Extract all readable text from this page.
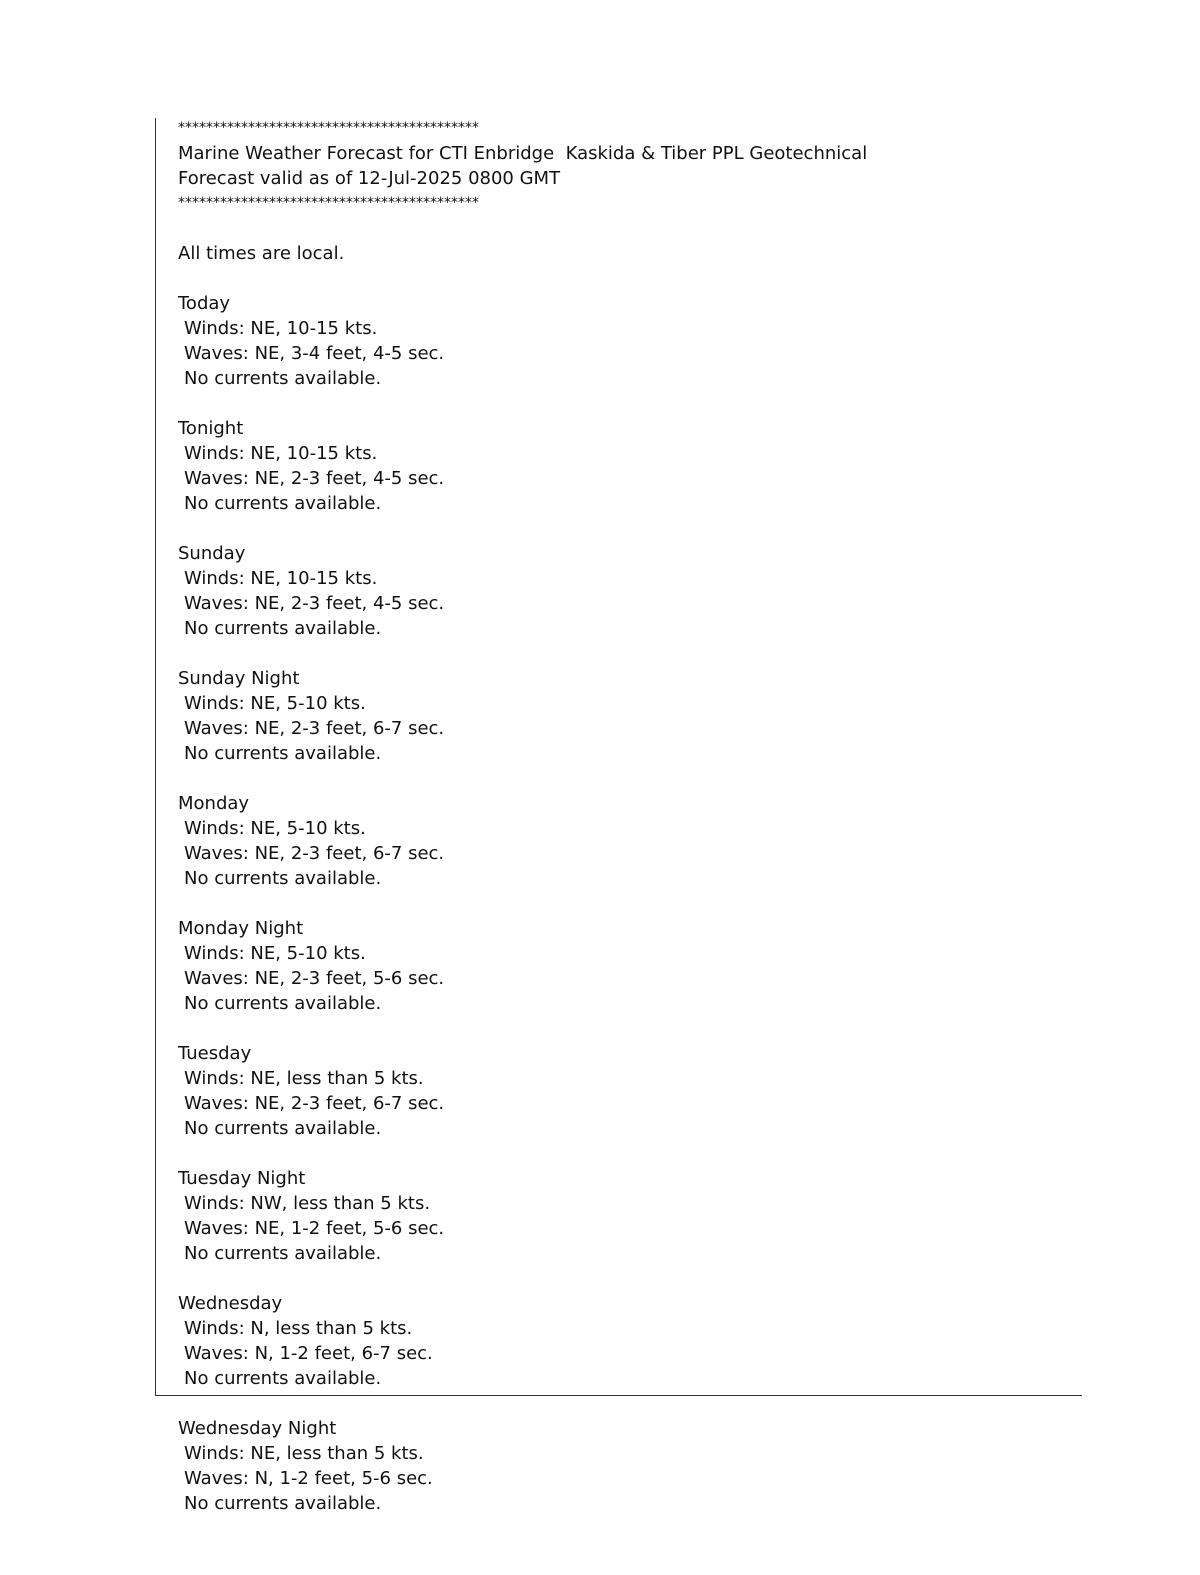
*******************************************
Marine Weather Forecast for CTI Enbridge  Kaskida & Tiber PPL Geotechnical
Forecast valid as of 12-Jul-2025 0800 GMT
*******************************************
All times are local.
Today
Winds: NE, 10-15 kts.
Waves: NE, 3-4 feet, 4-5 sec.
No currents available.
Tonight
Winds: NE, 10-15 kts.
Waves: NE, 2-3 feet, 4-5 sec.
No currents available.
Sunday
Winds: NE, 10-15 kts.
Waves: NE, 2-3 feet, 4-5 sec.
No currents available.
Sunday Night
Winds: NE, 5-10 kts.
Waves: NE, 2-3 feet, 6-7 sec.
No currents available.
Monday
Winds: NE, 5-10 kts.
Waves: NE, 2-3 feet, 6-7 sec.
No currents available.
Monday Night
Winds: NE, 5-10 kts.
Waves: NE, 2-3 feet, 5-6 sec.
No currents available.
Tuesday
Winds: NE, less than 5 kts.
Waves: NE, 2-3 feet, 6-7 sec.
No currents available.
Tuesday Night
Winds: NW, less than 5 kts.
Waves: NE, 1-2 feet, 5-6 sec.
No currents available.
Wednesday
Winds: N, less than 5 kts.
Waves: N, 1-2 feet, 6-7 sec.
No currents available.
Wednesday Night
Winds: NE, less than 5 kts.
Waves: N, 1-2 feet, 5-6 sec.
No currents available.
